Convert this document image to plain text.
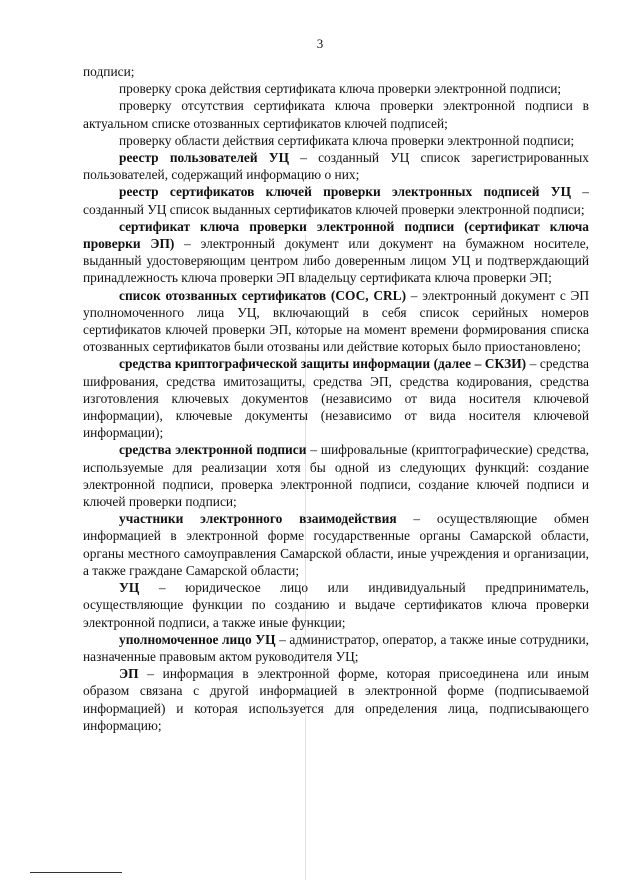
3

подписи;

проверку срока действия сертификата ключа проверки электронной подписи;

проверку отсутствия сертификата ключа проверки электронной подписи в актуальном списке отозванных сертификатов ключей подписей;

проверку области действия сертификата ключа проверки электронной подписи;

реестр пользователей УЦ – созданный УЦ список зарегистрированных пользователей, содержащий информацию о них;

реестр сертификатов ключей проверки электронных подписей УЦ – созданный УЦ список выданных сертификатов ключей проверки электронной подписи;

сертификат ключа проверки электронной подписи (сертификат ключа проверки ЭП) – электронный документ или документ на бумажном носителе, выданный удостоверяющим центром либо доверенным лицом УЦ и подтверждающий принадлежность ключа проверки ЭП владельцу сертификата ключа проверки ЭП;

список отозванных сертификатов (СОС, CRL) – электронный документ с ЭП уполномоченного лица УЦ, включающий в себя список серийных номеров сертификатов ключей проверки ЭП, которые на момент времени формирования списка отозванных сертификатов были отозваны или действие которых было приостановлено;

средства криптографической защиты информации (далее – СКЗИ) – средства шифрования, средства имитозащиты, средства ЭП, средства кодирования, средства изготовления ключевых документов (независимо от вида носителя ключевой информации), ключевые документы (независимо от вида носителя ключевой информации);

средства электронной подписи – шифровальные (криптографические) средства, используемые для реализации хотя бы одной из следующих функций: создание электронной подписи, проверка электронной подписи, создание ключей подписи и ключей проверки подписи;

участники электронного взаимодействия – осуществляющие обмен информацией в электронной форме государственные органы Самарской области, органы местного самоуправления Самарской области, иные учреждения и организации, а также граждане Самарской области;

УЦ – юридическое лицо или индивидуальный предприниматель, осуществляющие функции по созданию и выдаче сертификатов ключа проверки электронной подписи, а также иные функции;

уполномоченное лицо УЦ – администратор, оператор, а также иные сотрудники, назначенные правовым актом руководителя УЦ;

ЭП – информация в электронной форме, которая присоединена или иным образом связана с другой информацией в электронной форме (подписываемой информацией) и которая используется для определения лица, подписывающего информацию;
